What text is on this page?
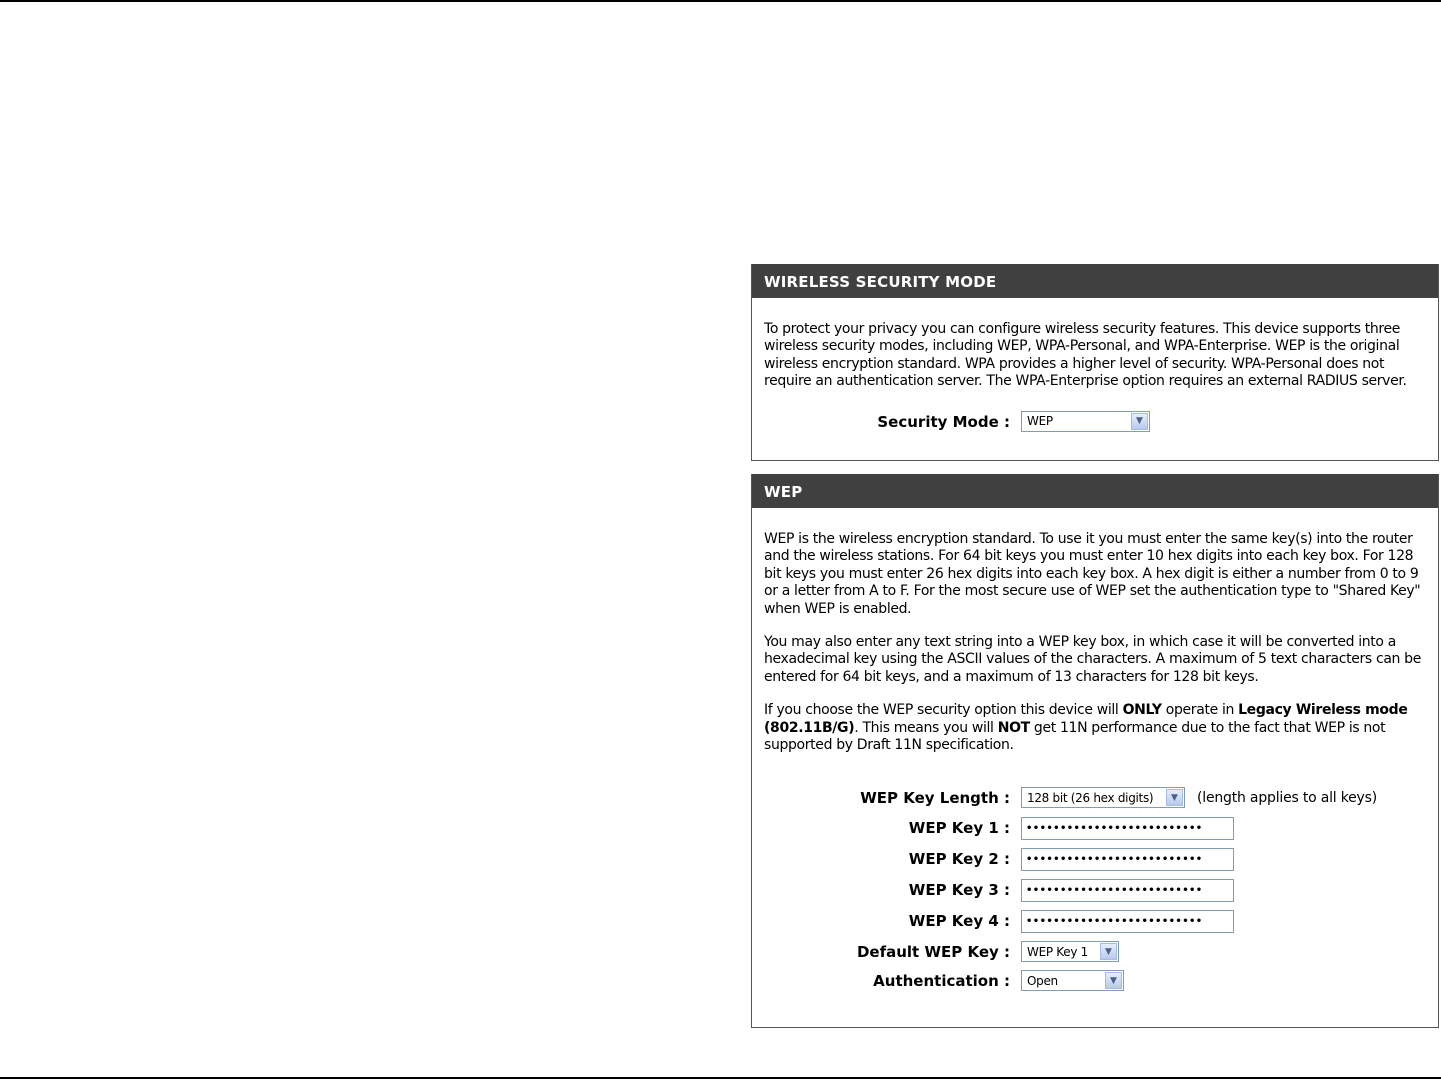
WIRELESS SECURITY MODE

To protect your privacy you can configure wireless security features. This device supports three wireless security modes, including WEP, WPA-Personal, and WPA-Enterprise. WEP is the original wireless encryption standard. WPA provides a higher level of security. WPA-Personal does not require an authentication server. The WPA-Enterprise option requires an external RADIUS server.

Security Mode : WEP	▼
WEP

WEP is the wireless encryption standard. To use it you must enter the same key(s) into the router and the wireless stations. For 64 bit keys you must enter 10 hex digits into each key box. For 128 bit keys you must enter 26 hex digits into each key box. A hex digit is either a number from 0 to 9 or a letter from A to F. For the most secure use of WEP set the authentication type to "Shared Key" when WEP is enabled.

You may also enter any text string into a WEP key box, in which case it will be converted into a hexadecimal key using the ASCII values of the characters. A maximum of 5 text characters can be entered for 64 bit keys, and a maximum of 13 characters for 128 bit keys.

If you choose the WEP security option this device will ONLY operate in Legacy Wireless mode (802.11B/G). This means you will NOT get 11N performance due to the fact that WEP is not supported by Draft 11N specification.

WEP Key Length : 128 bit (26 hex digits)	▼	(length applies to all keys)
WEP Key 1 :	••••••••••••••••••••••••••
WEP Key 2 :	••••••••••••••••••••••••••
WEP Key 3 :	••••••••••••••••••••••••••
WEP Key 4 :	••••••••••••••••••••••••••
Default WEP Key : WEP Key 1	▼
Authentication : Open	▼
